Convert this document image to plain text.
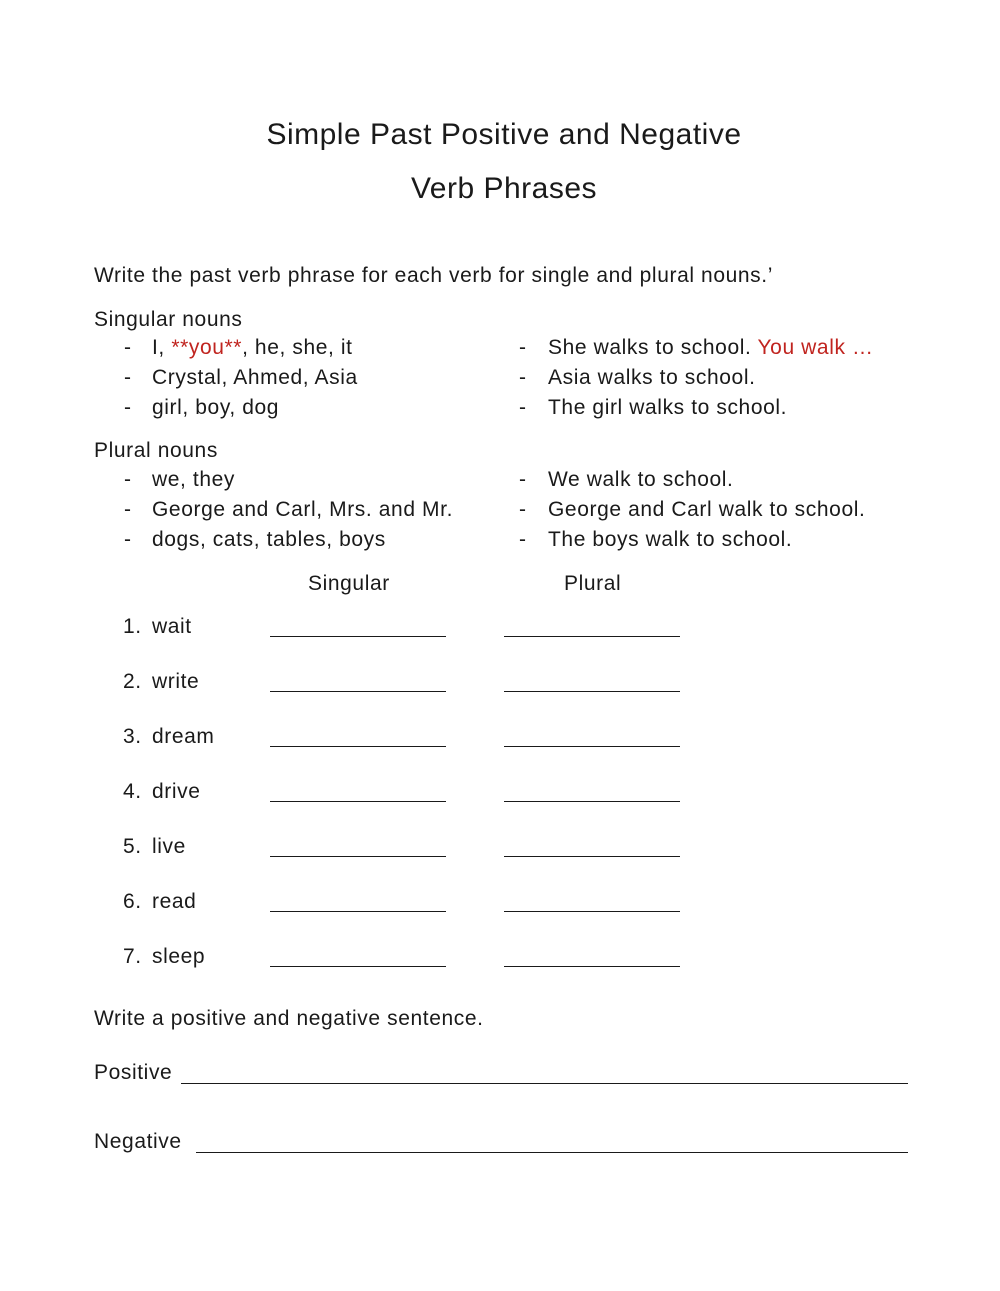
Simple Past Positive and Negative
Verb Phrases
Write the past verb phrase for each verb for single and plural nouns.’
Singular nouns
- I, **you**, he, she, it	- She walks to school. You walk …
- Crystal, Ahmed, Asia	- Asia walks to school.
- girl, boy, dog	- The girl walks to school.
Plural nouns
- we, they	- We walk to school.
- George and Carl, Mrs. and Mr.	- George and Carl walk to school.
- dogs, cats, tables, boys	- The boys walk to school.
Singular	Plural
1. wait
2. write
3. dream
4. drive
5. live
6. read
7. sleep
Write a positive and negative sentence.
Positive
Negative
